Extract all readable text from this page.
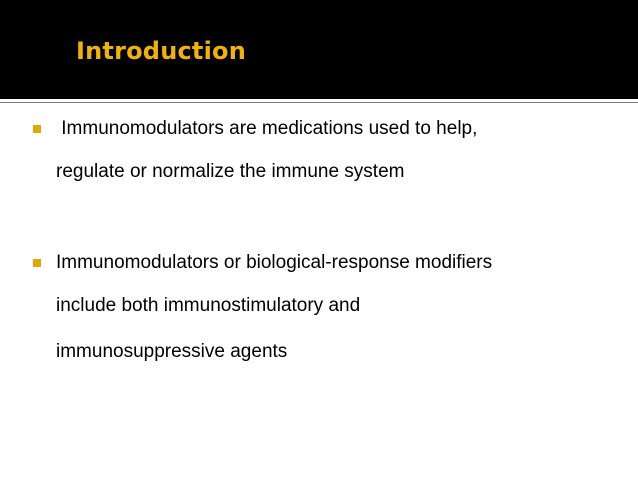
Introduction
Immunomodulators are medications used to help,
regulate or normalize the immune system
Immunomodulators or biological-response modifiers
include both immunostimulatory and
immunosuppressive agents
